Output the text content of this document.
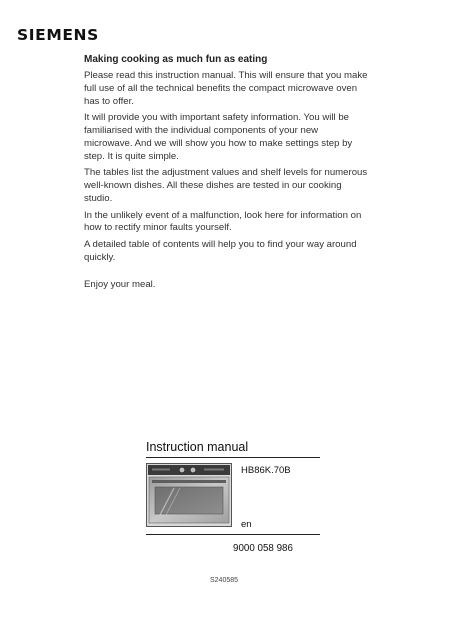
SIEMENS

Making cooking as much fun as eating

Please read this instruction manual. This will ensure that you make full use of all the technical benefits the compact microwave oven has to offer.

It will provide you with important safety information. You will be familiarised with the individual components of your new microwave. And we will show you how to make settings step by step. It is quite simple.

The tables list the adjustment values and shelf levels for numerous well-known dishes. All these dishes are tested in our cooking studio.

In the unlikely event of a malfunction, look here for information on how to rectify minor faults yourself.

A detailed table of contents will help you to find your way around quickly.

Enjoy your meal.
Instruction manual
HB86K.70B
en
9000 058 986
S240585
